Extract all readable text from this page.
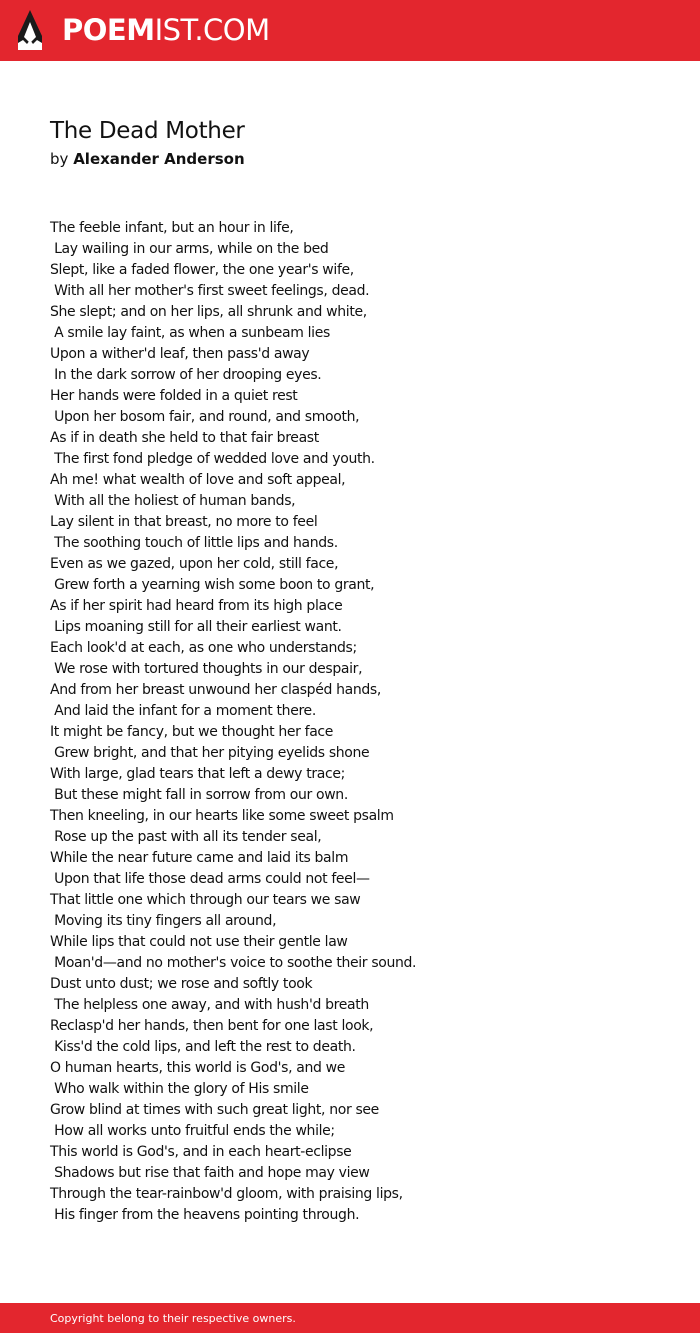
POEMIST.COM
The Dead Mother
by Alexander Anderson
The feeble infant, but an hour in life,
Lay wailing in our arms, while on the bed
Slept, like a faded flower, the one year's wife,
With all her mother's first sweet feelings, dead.
She slept; and on her lips, all shrunk and white,
A smile lay faint, as when a sunbeam lies
Upon a wither'd leaf, then pass'd away
In the dark sorrow of her drooping eyes.
Her hands were folded in a quiet rest
Upon her bosom fair, and round, and smooth,
As if in death she held to that fair breast
The first fond pledge of wedded love and youth.
Ah me! what wealth of love and soft appeal,
With all the holiest of human bands,
Lay silent in that breast, no more to feel
The soothing touch of little lips and hands.
Even as we gazed, upon her cold, still face,
Grew forth a yearning wish some boon to grant,
As if her spirit had heard from its high place
Lips moaning still for all their earliest want.
Each look'd at each, as one who understands;
We rose with tortured thoughts in our despair,
And from her breast unwound her claspéd hands,
And laid the infant for a moment there.
It might be fancy, but we thought her face
Grew bright, and that her pitying eyelids shone
With large, glad tears that left a dewy trace;
But these might fall in sorrow from our own.
Then kneeling, in our hearts like some sweet psalm
Rose up the past with all its tender seal,
While the near future came and laid its balm
Upon that life those dead arms could not feel—
That little one which through our tears we saw
Moving its tiny fingers all around,
While lips that could not use their gentle law
Moan'd—and no mother's voice to soothe their sound.
Dust unto dust; we rose and softly took
The helpless one away, and with hush'd breath
Reclasp'd her hands, then bent for one last look,
Kiss'd the cold lips, and left the rest to death.
O human hearts, this world is God's, and we
Who walk within the glory of His smile
Grow blind at times with such great light, nor see
How all works unto fruitful ends the while;
This world is God's, and in each heart-eclipse
Shadows but rise that faith and hope may view
Through the tear-rainbow'd gloom, with praising lips,
His finger from the heavens pointing through.
Copyright belong to their respective owners.
